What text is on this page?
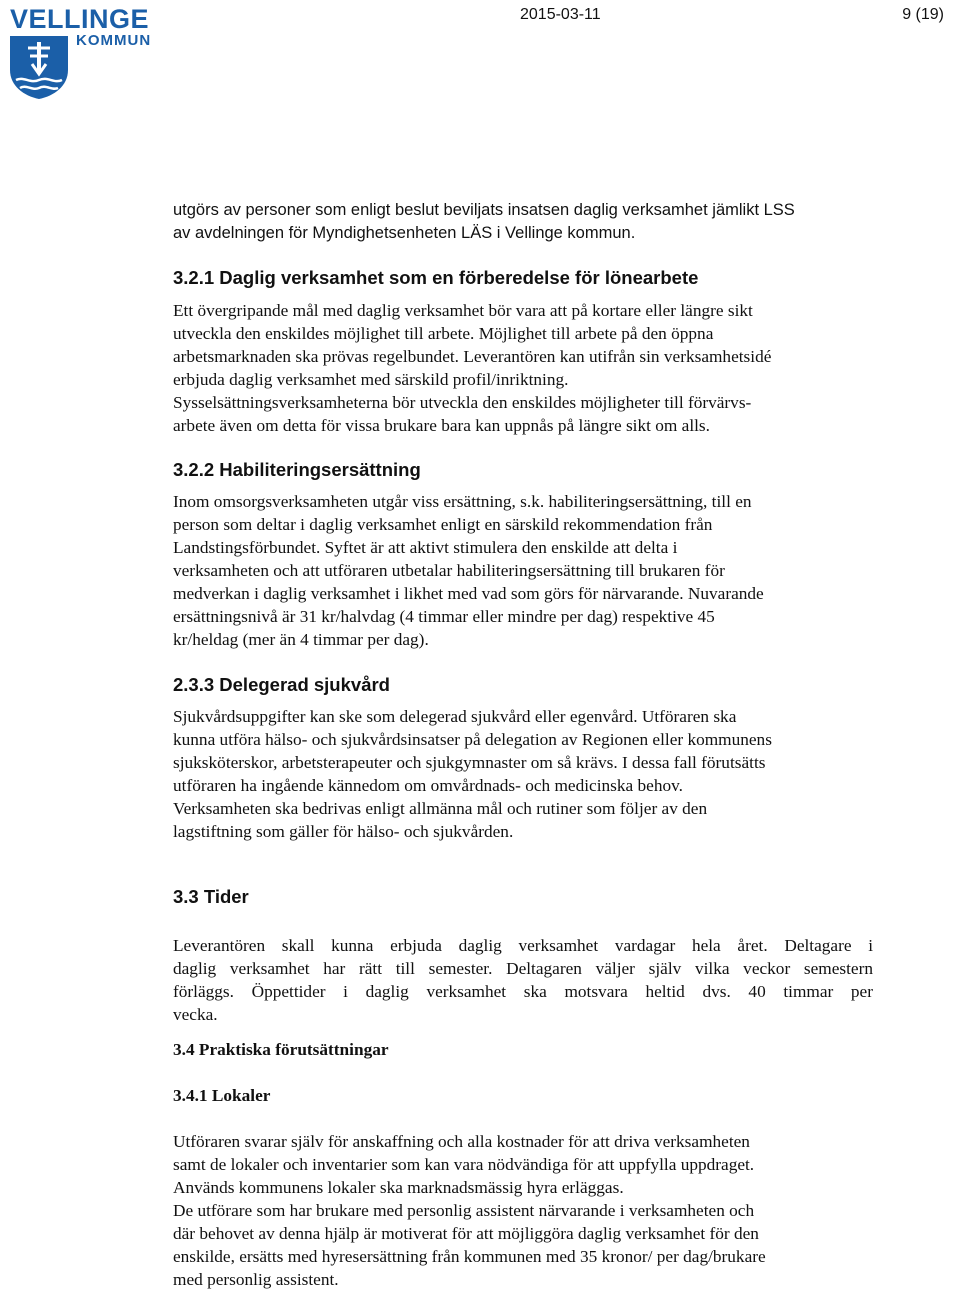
VELLINGE
KOMMUN
2015-03-11	9 (19)
utgörs av personer som enligt beslut beviljats insatsen daglig verksamhet jämlikt LSS
av avdelningen för Myndighetsenheten LÄS i Vellinge kommun.
3.2.1 Daglig verksamhet som en förberedelse för lönearbete
Ett övergripande mål med daglig verksamhet bör vara att på kortare eller längre sikt
utveckla den enskildes möjlighet till arbete. Möjlighet till arbete på den öppna
arbetsmarknaden ska prövas regelbundet. Leverantören kan utifrån sin verksamhetsidé
erbjuda daglig verksamhet med särskild profil/inriktning.
Sysselsättningsverksamheterna bör utveckla den enskildes möjligheter till förvärvs-
arbete även om detta för vissa brukare bara kan uppnås på längre sikt om alls.
3.2.2 Habiliteringsersättning
Inom omsorgsverksamheten utgår viss ersättning, s.k. habiliteringsersättning, till en
person som deltar i daglig verksamhet enligt en särskild rekommendation från
Landstingsförbundet. Syftet är att aktivt stimulera den enskilde att delta i
verksamheten och att utföraren utbetalar habiliteringsersättning till brukaren för
medverkan i daglig verksamhet i likhet med vad som görs för närvarande. Nuvarande
ersättningsnivå är 31 kr/halvdag (4 timmar eller mindre per dag) respektive 45
kr/heldag (mer än 4 timmar per dag).
2.3.3 Delegerad sjukvård
Sjukvårdsuppgifter kan ske som delegerad sjukvård eller egenvård. Utföraren ska
kunna utföra hälso- och sjukvårdsinsatser på delegation av Regionen eller kommunens
sjuksköterskor, arbetsterapeuter och sjukgymnaster om så krävs. I dessa fall förutsätts
utföraren ha ingående kännedom om omvårdnads- och medicinska behov.
Verksamheten ska bedrivas enligt allmänna mål och rutiner som följer av den
lagstiftning som gäller för hälso- och sjukvården.
3.3 Tider
Leverantören skall kunna erbjuda daglig verksamhet vardagar hela året. Deltagare i
daglig verksamhet har rätt till semester. Deltagaren väljer själv vilka veckor semestern
förläggs. Öppettider i daglig verksamhet ska motsvara heltid dvs. 40 timmar per
vecka.
3.4 Praktiska förutsättningar
3.4.1 Lokaler
Utföraren svarar själv för anskaffning och alla kostnader för att driva verksamheten
samt de lokaler och inventarier som kan vara nödvändiga för att uppfylla uppdraget.
Används kommunens lokaler ska marknadsmässig hyra erläggas.
De utförare som har brukare med personlig assistent närvarande i verksamheten och
där behovet av denna hjälp är motiverat för att möjliggöra daglig verksamhet för den
enskilde, ersätts med hyresersättning från kommunen med 35 kronor/ per dag/brukare
med personlig assistent.
